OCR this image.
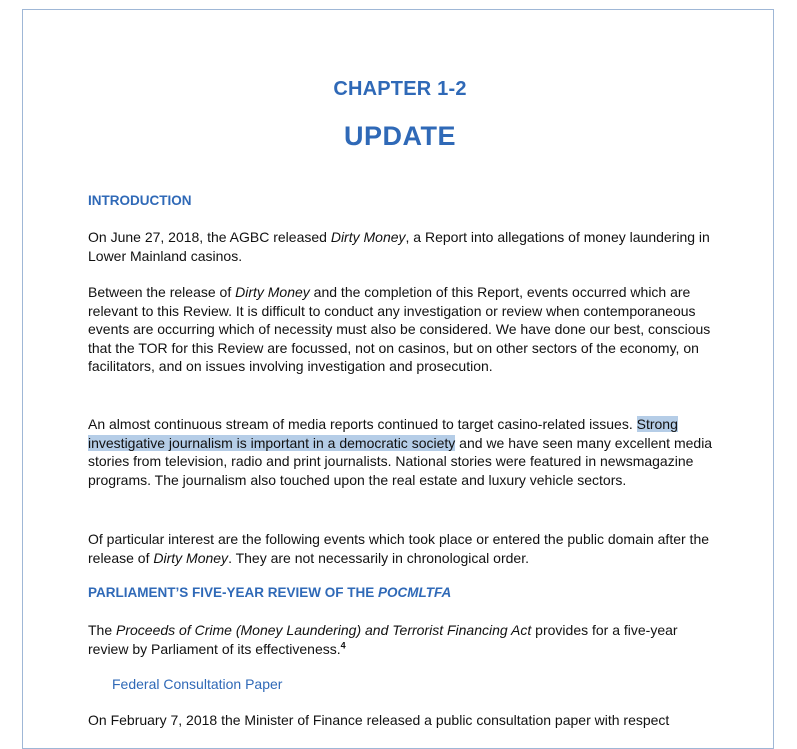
CHAPTER 1-2
UPDATE
INTRODUCTION
On June 27, 2018, the AGBC released Dirty Money, a Report into allegations of money laundering in Lower Mainland casinos.
Between the release of Dirty Money and the completion of this Report, events occurred which are relevant to this Review. It is difficult to conduct any investigation or review when contemporaneous events are occurring which of necessity must also be considered. We have done our best, conscious that the TOR for this Review are focussed, not on casinos, but on other sectors of the economy, on facilitators, and on issues involving investigation and prosecution.
An almost continuous stream of media reports continued to target casino-related issues. Strong investigative journalism is important in a democratic society and we have seen many excellent media stories from television, radio and print journalists. National stories were featured in newsmagazine programs. The journalism also touched upon the real estate and luxury vehicle sectors.
Of particular interest are the following events which took place or entered the public domain after the release of Dirty Money. They are not necessarily in chronological order.
PARLIAMENT’S FIVE-YEAR REVIEW OF THE POCMLTFA
The Proceeds of Crime (Money Laundering) and Terrorist Financing Act provides for a five-year review by Parliament of its effectiveness.$^4$
Federal Consultation Paper
On February 7, 2018 the Minister of Finance released a public consultation paper with respect
